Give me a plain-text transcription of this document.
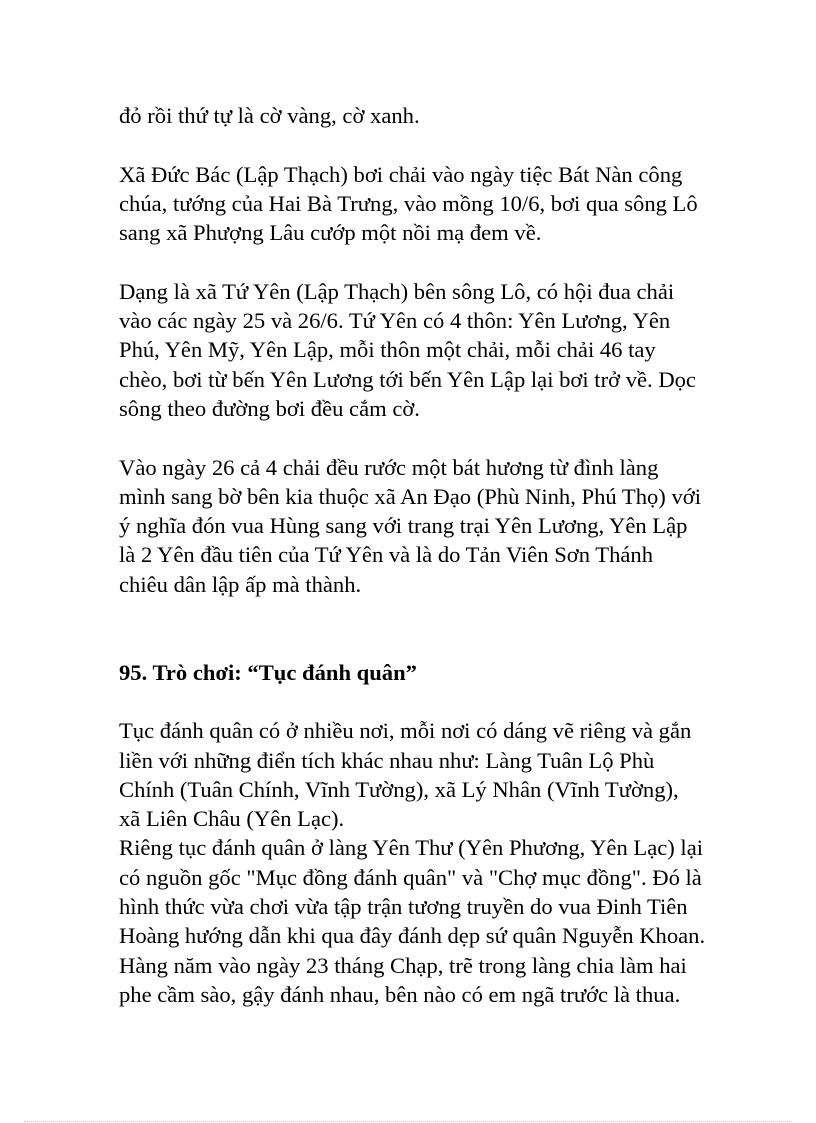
đỏ rồi thứ tự là cờ vàng, cờ xanh.

Xã Đức Bác (Lập Thạch) bơi chải vào ngày tiệc Bát Nàn công
chúa, tướng của Hai Bà Trưng, vào mồng 10/6, bơi qua sông Lô
sang xã Phượng Lâu cướp một nồi mạ đem về.

Dạng là xã Tứ Yên (Lập Thạch) bên sông Lô, có hội đua chải
vào các ngày 25 và 26/6. Tứ Yên có 4 thôn: Yên Lương, Yên
Phú, Yên Mỹ, Yên Lập, mỗi thôn một chải, mỗi chải 46 tay
chèo, bơi từ bến Yên Lương tới bến Yên Lập lại bơi trở về. Dọc
sông theo đường bơi đều cắm cờ.

Vào ngày 26 cả 4 chải đều rước một bát hương từ đình làng
mình sang bờ bên kia thuộc xã An Đạo (Phù Ninh, Phú Thọ) với
ý nghĩa đón vua Hùng sang với trang trại Yên Lương, Yên Lập
là 2 Yên đầu tiên của Tứ Yên và là do Tản Viên Sơn Thánh
chiêu dân lập ấp mà thành.

95. Trò chơi: “Tục đánh quân”

Tục đánh quân có ở nhiều nơi, mỗi nơi có dáng vẽ riêng và gắn
liền với những điển tích khác nhau như: Làng Tuân Lộ Phù
Chính (Tuân Chính, Vĩnh Tường), xã Lý Nhân (Vĩnh Tường),
xã Liên Châu (Yên Lạc).

Riêng tục đánh quân ở làng Yên Thư (Yên Phương, Yên Lạc) lại
có nguồn gốc "Mục đồng đánh quân" và "Chợ mục đồng". Đó là
hình thức vừa chơi vừa tập trận tương truyền do vua Đinh Tiên
Hoàng hướng dẫn khi qua đây đánh dẹp sứ quân Nguyễn Khoan.
Hàng năm vào ngày 23 tháng Chạp, trẽ trong làng chia làm hai
phe cầm sào, gậy đánh nhau, bên nào có em ngã trước là thua.
